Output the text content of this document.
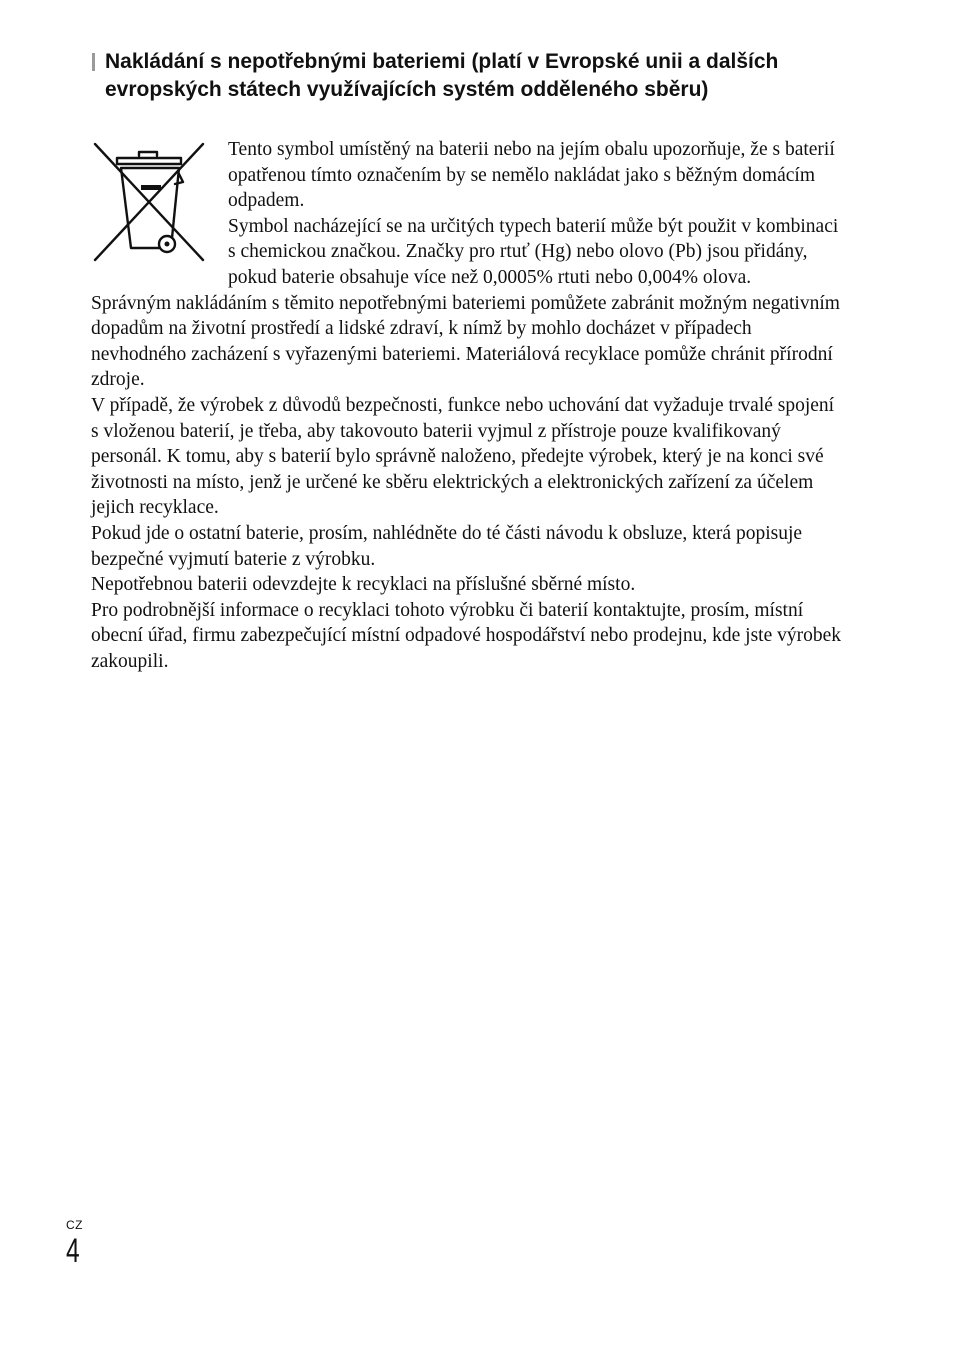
Nakládání s nepotřebnými bateriemi (platí v Evropské unii a dalších evropských státech využívajících systém odděleného sběru)

Tento symbol umístěný na baterii nebo na jejím obalu upozorňuje, že s baterií opatřenou tímto označením by se nemělo nakládat jako s běžným domácím odpadem.

Symbol nacházející se na určitých typech baterií může být použit v kombinaci s chemickou značkou. Značky pro rtuť (Hg) nebo olovo (Pb) jsou přidány, pokud baterie obsahuje více než 0,0005% rtuti nebo 0,004% olova.

Správným nakládáním s těmito nepotřebnými bateriemi pomůžete zabránit možným negativním dopadům na životní prostředí a lidské zdraví, k nímž by mohlo docházet v případech nevhodného zacházení s vyřazenými bateriemi. Materiálová recyklace pomůže chránit přírodní zdroje.

V případě, že výrobek z důvodů bezpečnosti, funkce nebo uchování dat vyžaduje trvalé spojení s vloženou baterií, je třeba, aby takovouto baterii vyjmul z přístroje pouze kvalifikovaný personál. K tomu, aby s baterií bylo správně naloženo, předejte výrobek, který je na konci své životnosti na místo, jenž je určené ke sběru elektrických a elektronických zařízení za účelem jejich recyklace.

Pokud jde o ostatní baterie, prosím, nahlédněte do té části návodu k obsluze, která popisuje bezpečné vyjmutí baterie z výrobku.

Nepotřebnou baterii odevzdejte k recyklaci na příslušné sběrné místo.

Pro podrobnější informace o recyklaci tohoto výrobku či baterií kontaktujte, prosím, místní obecní úřad, firmu zabezpečující místní odpadové hospodářství nebo prodejnu, kde jste výrobek zakoupili.

CZ
4
